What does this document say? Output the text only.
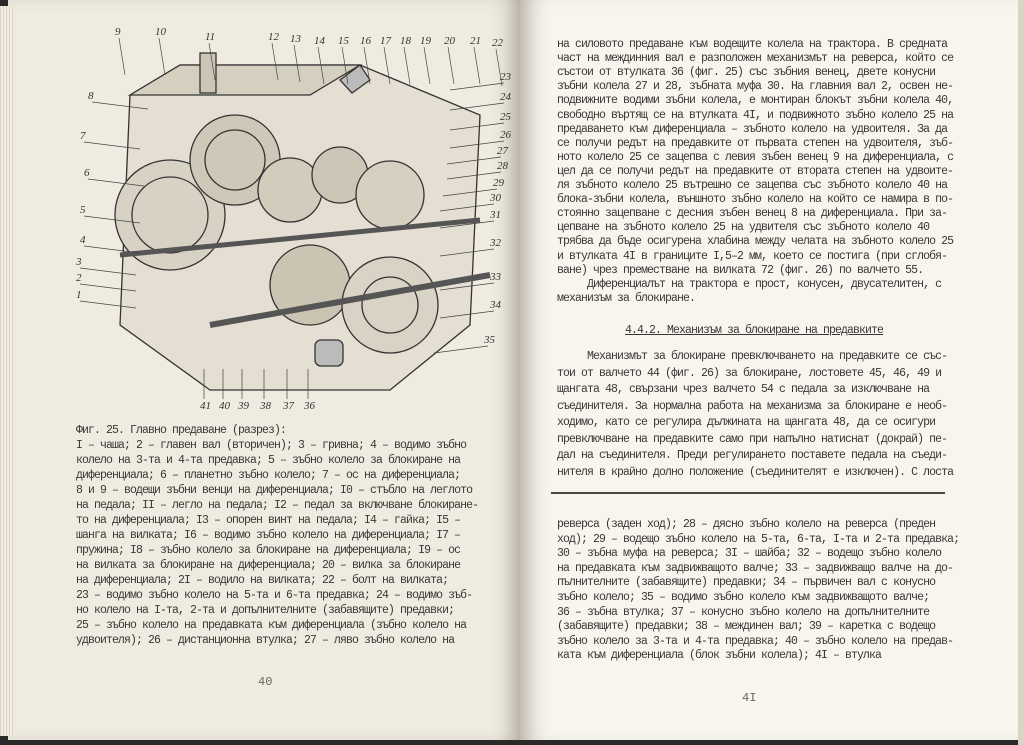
9	10	11	12 13 14 15 16 17 18 19 20 21 22
23
24
25
26
27
28
29
30
31
32
33
34
35
8
7
6
5
4
3
2
1
41 40 39 38 37 36
Фиг. 25. Главно предаване (разрез):
I – чаша; 2 – главен вал (вторичен); 3 – гривна; 4 – водимо зъбно
колело на 3-та и 4-та предавка; 5 – зъбно колело за блокиране на
диференциала; 6 – планетно зъбно колело; 7 – ос на диференциала;
8 и 9 – водещи зъбни венци на диференциала; I0 – стъбло на леглото
на педала; II – легло на педала; I2 – педал за включване блокиране-
то на диференциала; I3 – опорен винт на педала; I4 – гайка; I5 –
шанга на вилката; I6 – водимо зъбно колело на диференциала; I7 –
пружина; I8 – зъбно колело за блокиране на диференциала; I9 – ос
на вилката за блокиране на диференциала; 20 – вилка за блокиране
на диференциала; 2I – водило на вилката; 22 – болт на вилката;
23 – водимо зъбно колело на 5-та и 6-та предавка; 24 – водимо зъб-
но колело на I-та, 2-та и допълнителните (забавящите) предавки;
25 – зъбно колело на предавката към диференциала (зъбно колело на
удвоителя); 26 – дистанционна втулка; 27 – ляво зъбно колело на
на силовото предаване към водещите колела на трактора. В средната
част на междинния вал е разположен механизмът на реверса, който се
състои от втулката 36 (фиг. 25) със зъбния венец, двете конусни
зъбни колела 27 и 28, зъбната муфа 30. На главния вал 2, освен не-
подвижните водими зъбни колела, е монтиран блокът зъбни колела 40,
свободно въртящ се на втулката 4I, и подвижното зъбно колело 25 на
предаването към диференциала – зъбното колело на удвоителя. За да
се получи редът на предавките от първата степен на удвоителя, зъб-
ното колело 25 се зацепва с левия зъбен венец 9 на диференциала, с
цел да се получи редът на предавките от втората степен на удвоите-
ля зъбното колело 25 вътрешно се зацепва със зъбното колело 40 на
блока-зъбни колела, външното зъбно колело на който се намира в по-
стоянно зацепване с десния зъбен венец 8 на диференциала. При за-
цепване на зъбното колело 25 на удвителя със зъбното колело 40
трябва да бъде осигурена хлабина между челата на зъбното колело 25
и втулката 4I в границите I,5–2 мм, което се постига (при сглобя-
ване) чрез преместване на вилката 72 (фиг. 26) по валчето 55.
Диференциалът на трактора е прост, конусен, двусателитен, с
механизъм за блокиране.
4.4.2. Механизъм за блокиране на предавките
Механизмът за блокиране превключването на предавките се със-
тои от валчето 44 (фиг. 26) за блокиране, лостовете 45, 46, 49 и
щангата 48, свързани чрез валчето 54 с педала за изключване на
съединителя. За нормална работа на механизма за блокиране е необ-
ходимо, като се регулира дължината на щангата 48, да се осигури
превключване на предавките само при напълно натиснат (докрай) пе-
дал на съединителя. Преди регулирането поставете педала на съеди-
нителя в крайно долно положение (съединителят е изключен). С лоста
реверса (заден ход); 28 – дясно зъбно колело на реверса (преден
ход); 29 – водещо зъбно колело на 5-та, 6-та, I-та и 2-та предавка;
30 – зъбна муфа на реверса; 3I – шайба; 32 – водещо зъбно колело
на предавката към задвижващото валче; 33 – задвижващо валче на до-
пълнителните (забавящите) предавки; 34 – първичен вал с конусно
зъбно колело; 35 – водимо зъбно колело към задвижващото валче;
36 – зъбна втулка; 37 – конусно зъбно колело на допълнителните
(забавящите) предавки; 38 – междинен вал; 39 – каретка с водещо
зъбно колело за 3-та и 4-та предавка; 40 – зъбно колело на предав-
ката към диференциала (блок зъбни колела); 4I – втулка
40
4I
